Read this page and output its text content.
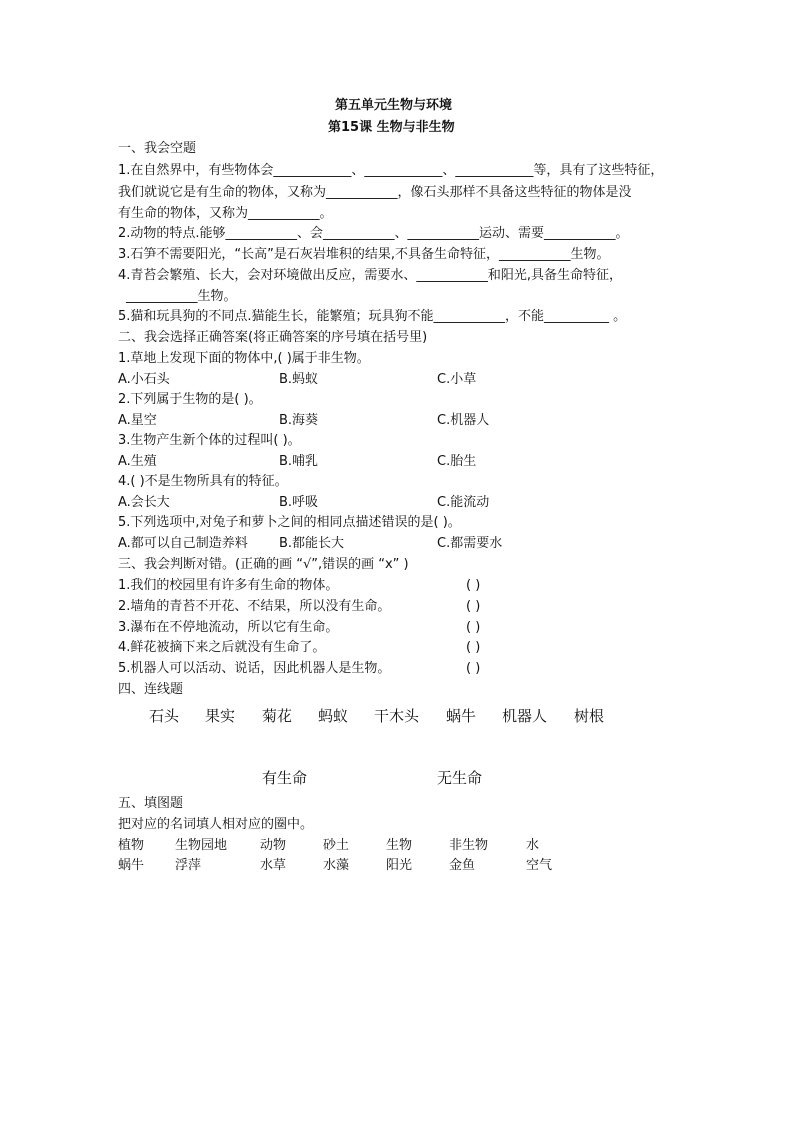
第五单元生物与环境
第15课 生物与非生物
一、我会空题
1.在自然界中，有些物体会____________、____________、____________等，具有了这些特征，
我们就说它是有生命的物体，又称为___________，像石头那样不具备这些特征的物体是没
有生命的物体，又称为___________。
2.动物的特点.能够___________、会___________、___________运动、需要___________。
3.石笋不需要阳光，“长高”是石灰岩堆积的结果,不具备生命特征，___________生物。
4.青苔会繁殖、长大，会对环境做出反应，需要水、___________和阳光,具备生命特征，
___________生物。
5.猫和玩具狗的不同点.猫能生长，能繁殖；玩具狗不能___________，不能__________ 。
二、我会选择正确答案(将正确答案的序号填在括号里)
1.草地上发现下面的物体中,( )属于非生物。
A.小石头	B.蚂蚁	C.小草
2.下列属于生物的是( )。
A.星空	B.海葵	C.机器人
3.生物产生新个体的过程叫( )。
A.生殖	B.哺乳	C.胎生
4.( )不是生物所具有的特征。
A.会长大	B.呼吸	C.能流动
5.下列选项中,对兔子和萝卜之间的相同点描述错误的是( )。
A.都可以自己制造养料 B.都能长大	C.都需要水
三、我会判断对错。(正确的画 “√”,错误的画 “x” )
1.我们的校园里有许多有生命的物体。	( )
2.墙角的青苔不开花、不结果，所以没有生命。	( )
3.瀑布在不停地流动，所以它有生命。	( )
4.鲜花被摘下来之后就没有生命了。	( )
5.机器人可以活动、说话，因此机器人是生物。	( )
四、连线题
石头 果实 菊花 蚂蚁 干木头 蜗牛 机器人 树根
有生命	无生命
五、填图题
把对应的名词填人相对应的圈中。
植物 生物园地	动物	砂土	生物	非生物	水
蜗牛 浮萍	水草	水藻	阳光	金鱼	空气
